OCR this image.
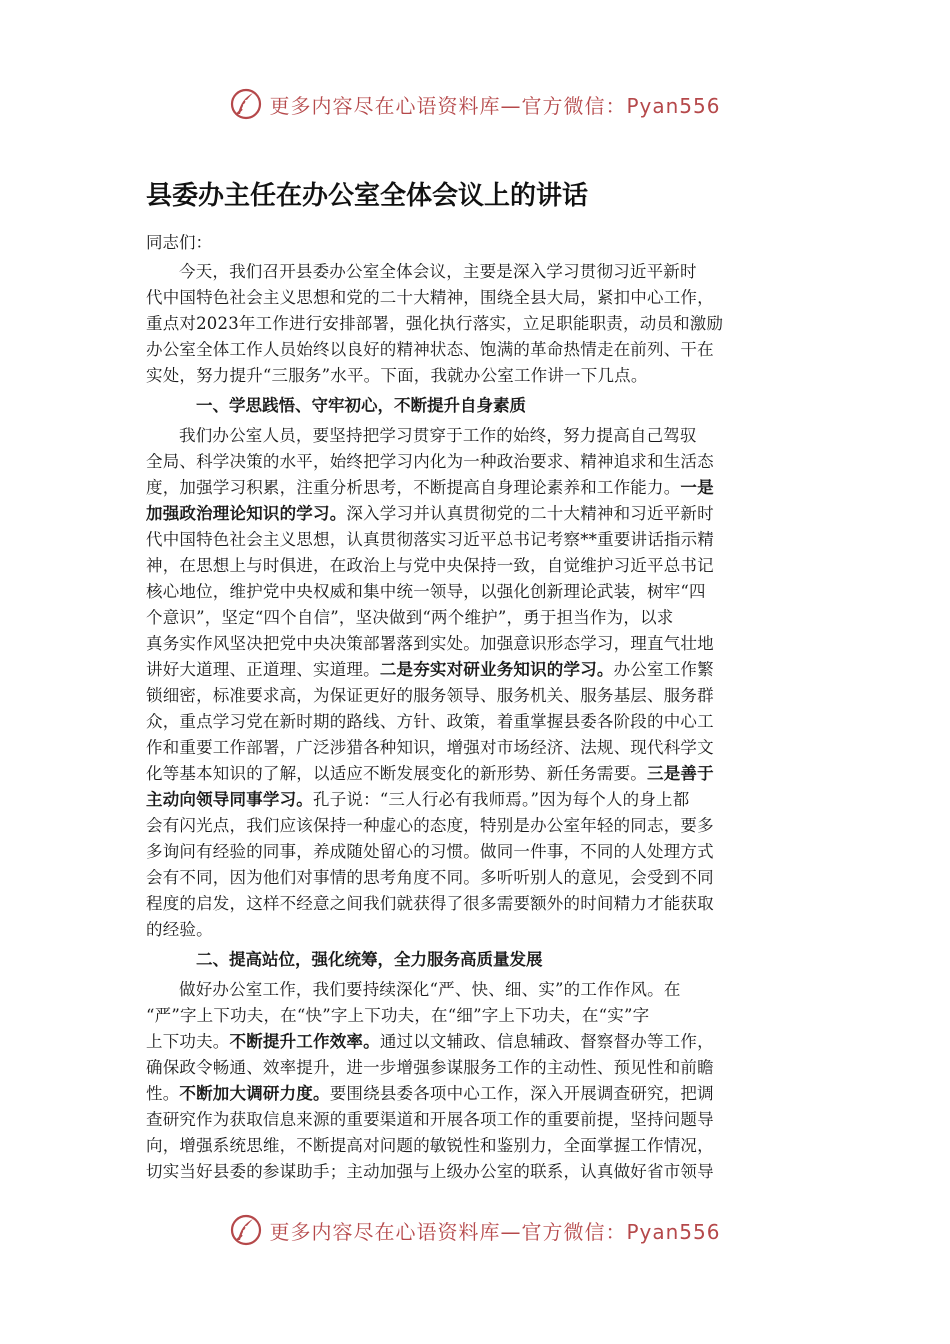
更多内容尽在心语资料库—官方微信：Pyan556
县委办主任在办公室全体会议上的讲话
同志们：
今天，我们召开县委办公室全体会议，主要是深入学习贯彻习近平新时
代中国特色社会主义思想和党的二十大精神，围绕全县大局，紧扣中心工作，
重点对2023年工作进行安排部署，强化执行落实，立足职能职责，动员和激励
办公室全体工作人员始终以良好的精神状态、饱满的革命热情走在前列、干在
实处，努力提升“三服务”水平。下面，我就办公室工作讲一下几点。
一、学思践悟、守牢初心，不断提升自身素质
我们办公室人员，要坚持把学习贯穿于工作的始终，努力提高自己驾驭
全局、科学决策的水平，始终把学习内化为一种政治要求、精神追求和生活态
度，加强学习积累，注重分析思考，不断提高自身理论素养和工作能力。一是
加强政治理论知识的学习。深入学习并认真贯彻党的二十大精神和习近平新时
代中国特色社会主义思想，认真贯彻落实习近平总书记考察**重要讲话指示精
神，在思想上与时俱进，在政治上与党中央保持一致，自觉维护习近平总书记
核心地位，维护党中央权威和集中统一领导，以强化创新理论武装，树牢“四
个意识”，坚定“四个自信”，坚决做到“两个维护”，勇于担当作为，以求
真务实作风坚决把党中央决策部署落到实处。加强意识形态学习，理直气壮地
讲好大道理、正道理、实道理。二是夯实对研业务知识的学习。办公室工作繁
锁细密，标准要求高，为保证更好的服务领导、服务机关、服务基层、服务群
众，重点学习党在新时期的路线、方针、政策，着重掌握县委各阶段的中心工
作和重要工作部署，广泛涉猎各种知识，增强对市场经济、法规、现代科学文
化等基本知识的了解，以适应不断发展变化的新形势、新任务需要。三是善于
主动向领导同事学习。孔子说：“三人行必有我师焉。”因为每个人的身上都
会有闪光点，我们应该保持一种虚心的态度，特别是办公室年轻的同志，要多
多询问有经验的同事，养成随处留心的习惯。做同一件事，不同的人处理方式
会有不同，因为他们对事情的思考角度不同。多听听别人的意见，会受到不同
程度的启发，这样不经意之间我们就获得了很多需要额外的时间精力才能获取
的经验。
二、提高站位，强化统筹，全力服务高质量发展
做好办公室工作，我们要持续深化“严、快、细、实”的工作作风。在
“严”字上下功夫，在“快”字上下功夫，在“细”字上下功夫，在“实”字
上下功夫。不断提升工作效率。通过以文辅政、信息辅政、督察督办等工作，
确保政令畅通、效率提升，进一步增强参谋服务工作的主动性、预见性和前瞻
性。不断加大调研力度。要围绕县委各项中心工作，深入开展调查研究，把调
查研究作为获取信息来源的重要渠道和开展各项工作的重要前提，坚持问题导
向，增强系统思维，不断提高对问题的敏锐性和鉴别力，全面掌握工作情况，
切实当好县委的参谋助手；主动加强与上级办公室的联系，认真做好省市领导
更多内容尽在心语资料库—官方微信：Pyan556
